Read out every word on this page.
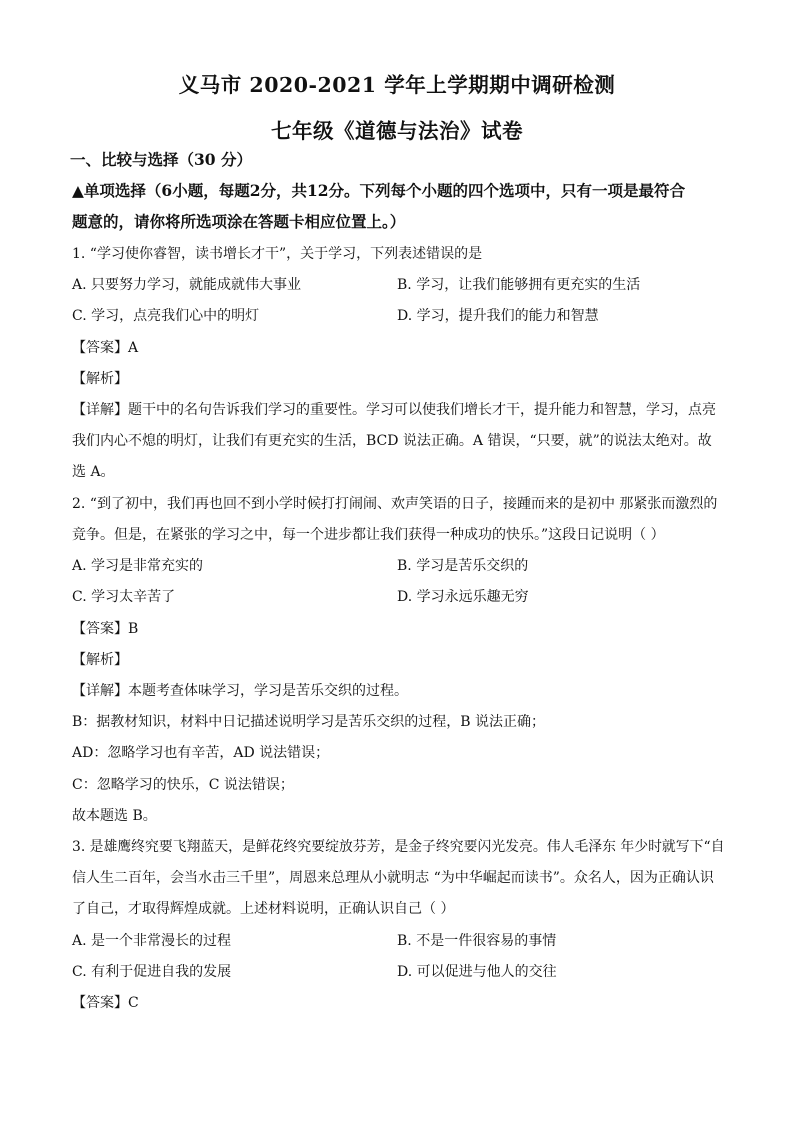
义马市 2020-2021 学年上学期期中调研检测
七年级《道德与法治》试卷
一、比较与选择（30 分）
▲单项选择（6小题，每题2分，共12分。下列每个小题的四个选项中，只有一项是最符合
题意的，请你将所选项涂在答题卡相应位置上。）
1. “学习使你睿智，读书增长才干”，关于学习，下列表述错误的是
A. 只要努力学习，就能成就伟大事业	B. 学习，让我们能够拥有更充实的生活
C. 学习，点亮我们心中的明灯	D. 学习，提升我们的能力和智慧
【答案】A
【解析】
【详解】题干中的名句告诉我们学习的重要性。学习可以使我们增长才干，提升能力和智慧，学习，点亮
我们内心不熄的明灯，让我们有更充实的生活，BCD 说法正确。A 错误，“只要，就”的说法太绝对。故
选 A。
2. “到了初中，我们再也回不到小学时候打打闹闹、欢声笑语的日子，接踵而来的是初中 那紧张而激烈的
竞争。但是，在紧张的学习之中，每一个进步都让我们获得一种成功的快乐。”这段日记说明（ ）
A. 学习是非常充实的	B. 学习是苦乐交织的
C. 学习太辛苦了	D. 学习永远乐趣无穷
【答案】B
【解析】
【详解】本题考查体味学习，学习是苦乐交织的过程。
B：据教材知识，材料中日记描述说明学习是苦乐交织的过程，B 说法正确；
AD：忽略学习也有辛苦，AD 说法错误；
C：忽略学习的快乐，C 说法错误；
故本题选 B。
3. 是雄鹰终究要飞翔蓝天，是鲜花终究要绽放芬芳，是金子终究要闪光发亮。伟人毛泽东 年少时就写下“自
信人生二百年，会当水击三千里”，周恩来总理从小就明志 “为中华崛起而读书”。众名人，因为正确认识
了自己，才取得辉煌成就。上述材料说明，正确认识自己（ ）
A. 是一个非常漫长的过程	B. 不是一件很容易的事情
C. 有利于促进自我的发展	D. 可以促进与他人的交往
【答案】C
